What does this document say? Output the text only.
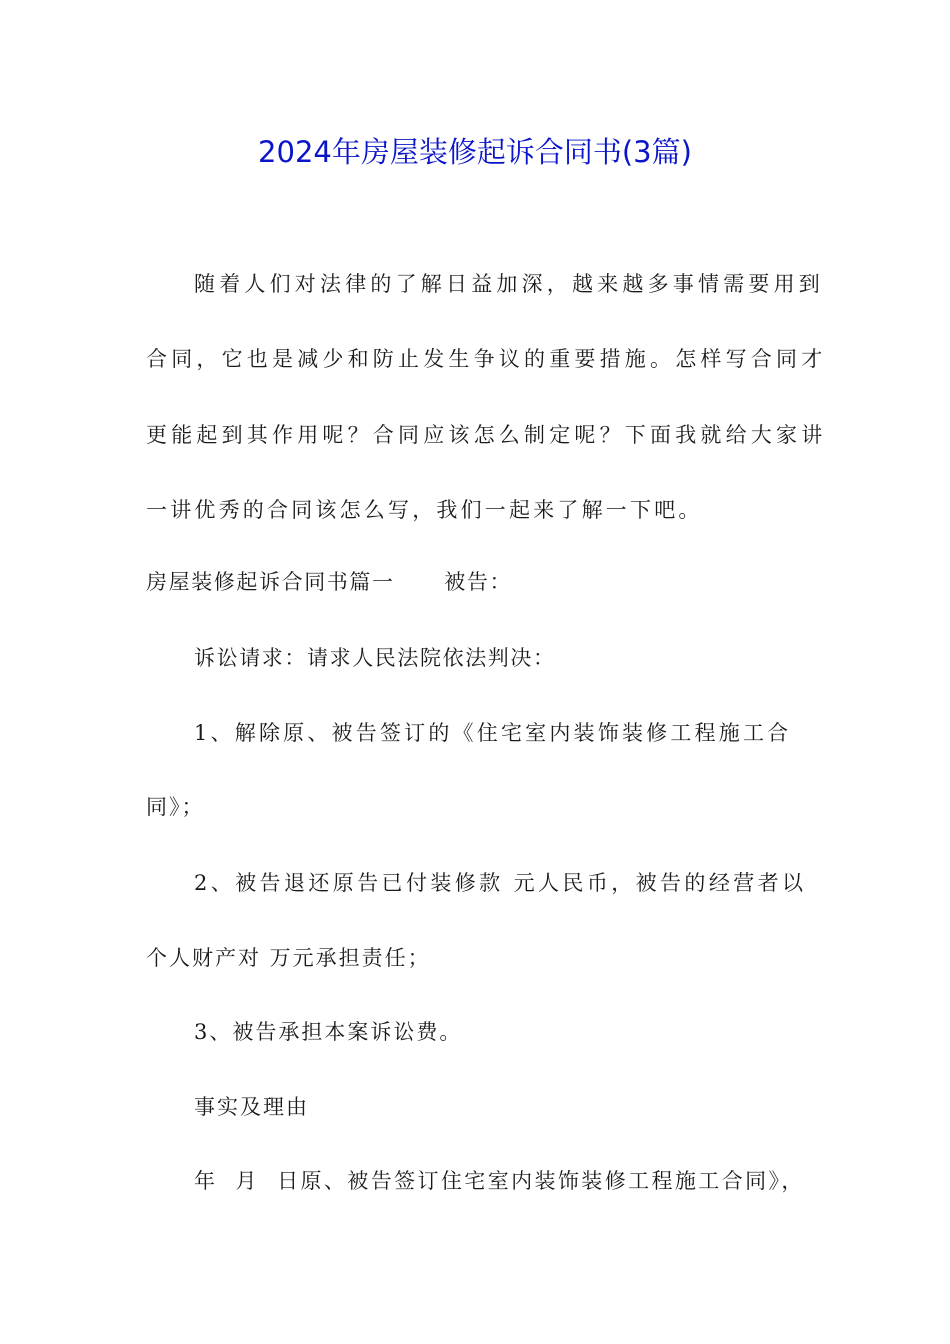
2024年房屋装修起诉合同书(3篇)
随着人们对法律的了解日益加深，越来越多事情需要用到
合同，它也是减少和防止发生争议的重要措施。怎样写合同才
更能起到其作用呢？合同应该怎么制定呢？下面我就给大家讲
一讲优秀的合同该怎么写，我们一起来了解一下吧。
房屋装修起诉合同书篇一      被告：
诉讼请求：请求人民法院依法判决：
1、解除原、被告签订的《住宅室内装饰装修工程施工合
同》；
2、被告退还原告已付装修款 元人民币，被告的经营者以
个人财产对 万元承担责任；
3、被告承担本案诉讼费。
事实及理由
年  月  日原、被告签订住宅室内装饰装修工程施工合同》，
